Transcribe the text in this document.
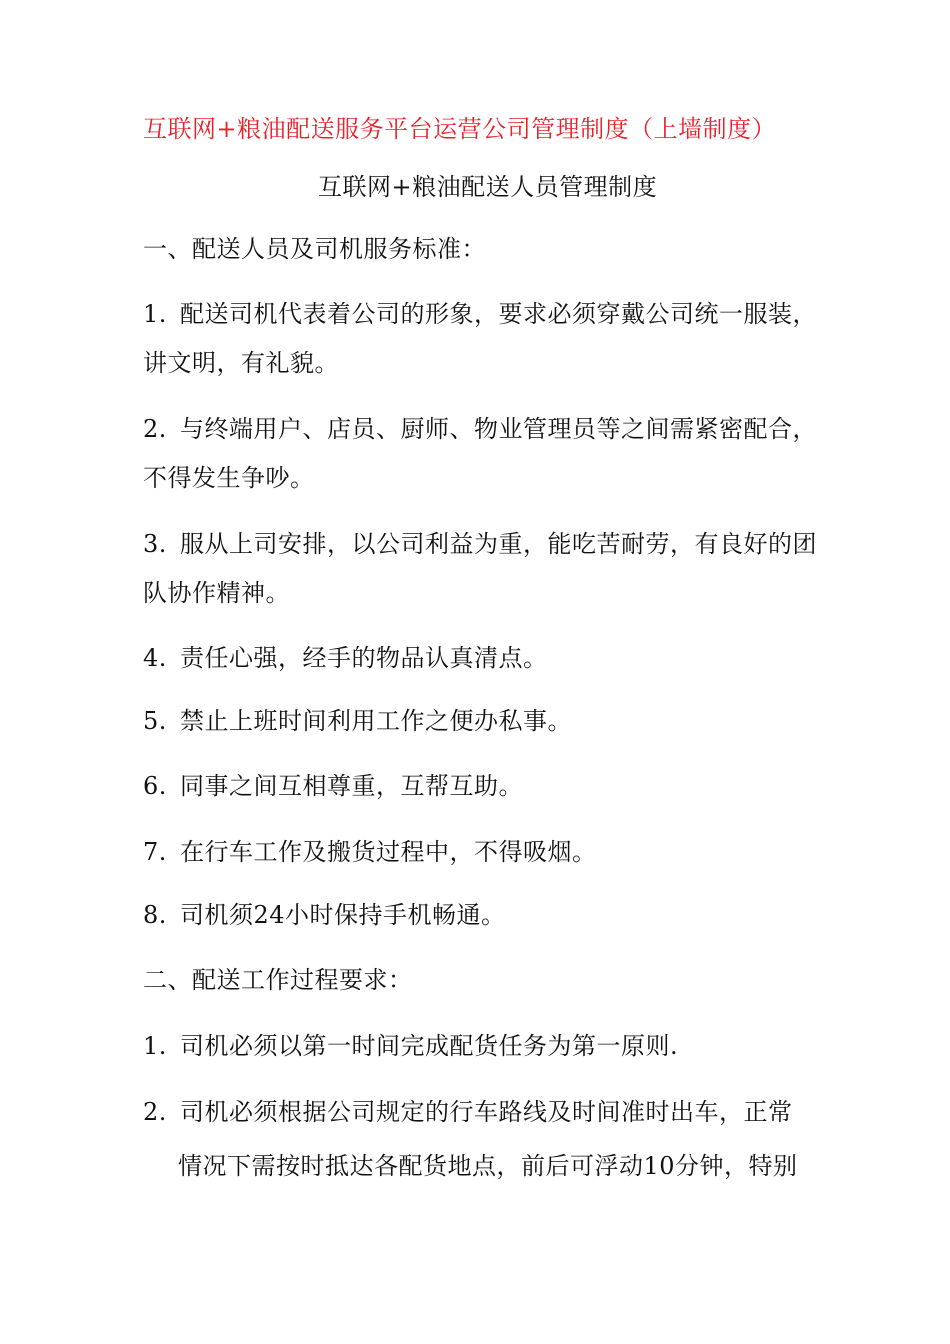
互联网+粮油配送服务平台运营公司管理制度（上墙制度）
互联网+粮油配送人员管理制度
一、配送人员及司机服务标准：
1. 配送司机代表着公司的形象，要求必须穿戴公司统一服装，
讲文明，有礼貌。
2. 与终端用户、店员、厨师、物业管理员等之间需紧密配合，
不得发生争吵。
3. 服从上司安排，以公司利益为重，能吃苦耐劳，有良好的团
队协作精神。
4. 责任心强，经手的物品认真清点。
5. 禁止上班时间利用工作之便办私事。
6. 同事之间互相尊重，互帮互助。
7. 在行车工作及搬货过程中，不得吸烟。
8. 司机须24小时保持手机畅通。
二、配送工作过程要求：
1. 司机必须以第一时间完成配货任务为第一原则.
2. 司机必须根据公司规定的行车路线及时间准时出车，正常
情况下需按时抵达各配货地点，前后可浮动10分钟，特别
